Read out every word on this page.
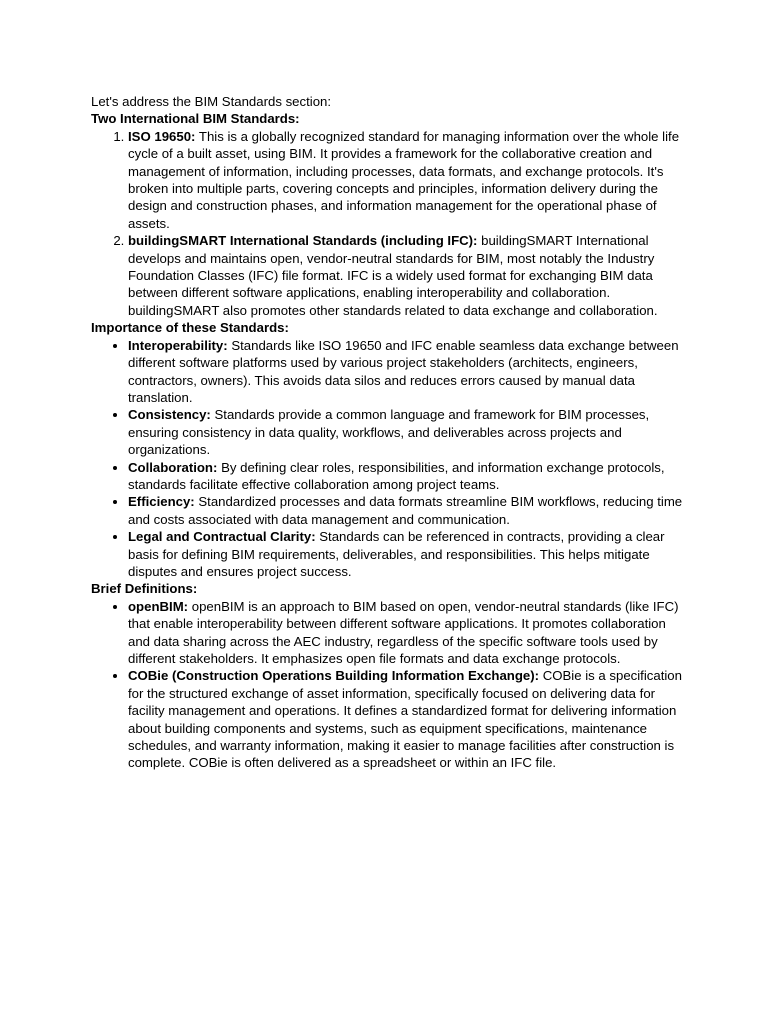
Let's address the BIM Standards section:

Two International BIM Standards:

1. ISO 19650: This is a globally recognized standard for managing information over the whole life cycle of a built asset, using BIM. It provides a framework for the collaborative creation and management of information, including processes, data formats, and exchange protocols. It's broken into multiple parts, covering concepts and principles, information delivery during the design and construction phases, and information management for the operational phase of assets.
2. buildingSMART International Standards (including IFC): buildingSMART International develops and maintains open, vendor-neutral standards for BIM, most notably the Industry Foundation Classes (IFC) file format. IFC is a widely used format for exchanging BIM data between different software applications, enabling interoperability and collaboration. buildingSMART also promotes other standards related to data exchange and collaboration.

Importance of these Standards:

• Interoperability: Standards like ISO 19650 and IFC enable seamless data exchange between different software platforms used by various project stakeholders (architects, engineers, contractors, owners). This avoids data silos and reduces errors caused by manual data translation.
• Consistency: Standards provide a common language and framework for BIM processes, ensuring consistency in data quality, workflows, and deliverables across projects and organizations.
• Collaboration: By defining clear roles, responsibilities, and information exchange protocols, standards facilitate effective collaboration among project teams.
• Efficiency: Standardized processes and data formats streamline BIM workflows, reducing time and costs associated with data management and communication.
• Legal and Contractual Clarity: Standards can be referenced in contracts, providing a clear basis for defining BIM requirements, deliverables, and responsibilities. This helps mitigate disputes and ensures project success.

Brief Definitions:

• openBIM: openBIM is an approach to BIM based on open, vendor-neutral standards (like IFC) that enable interoperability between different software applications. It promotes collaboration and data sharing across the AEC industry, regardless of the specific software tools used by different stakeholders. It emphasizes open file formats and data exchange protocols.
• COBie (Construction Operations Building Information Exchange): COBie is a specification for the structured exchange of asset information, specifically focused on delivering data for facility management and operations. It defines a standardized format for delivering information about building components and systems, such as equipment specifications, maintenance schedules, and warranty information, making it easier to manage facilities after construction is complete. COBie is often delivered as a spreadsheet or within an IFC file.
